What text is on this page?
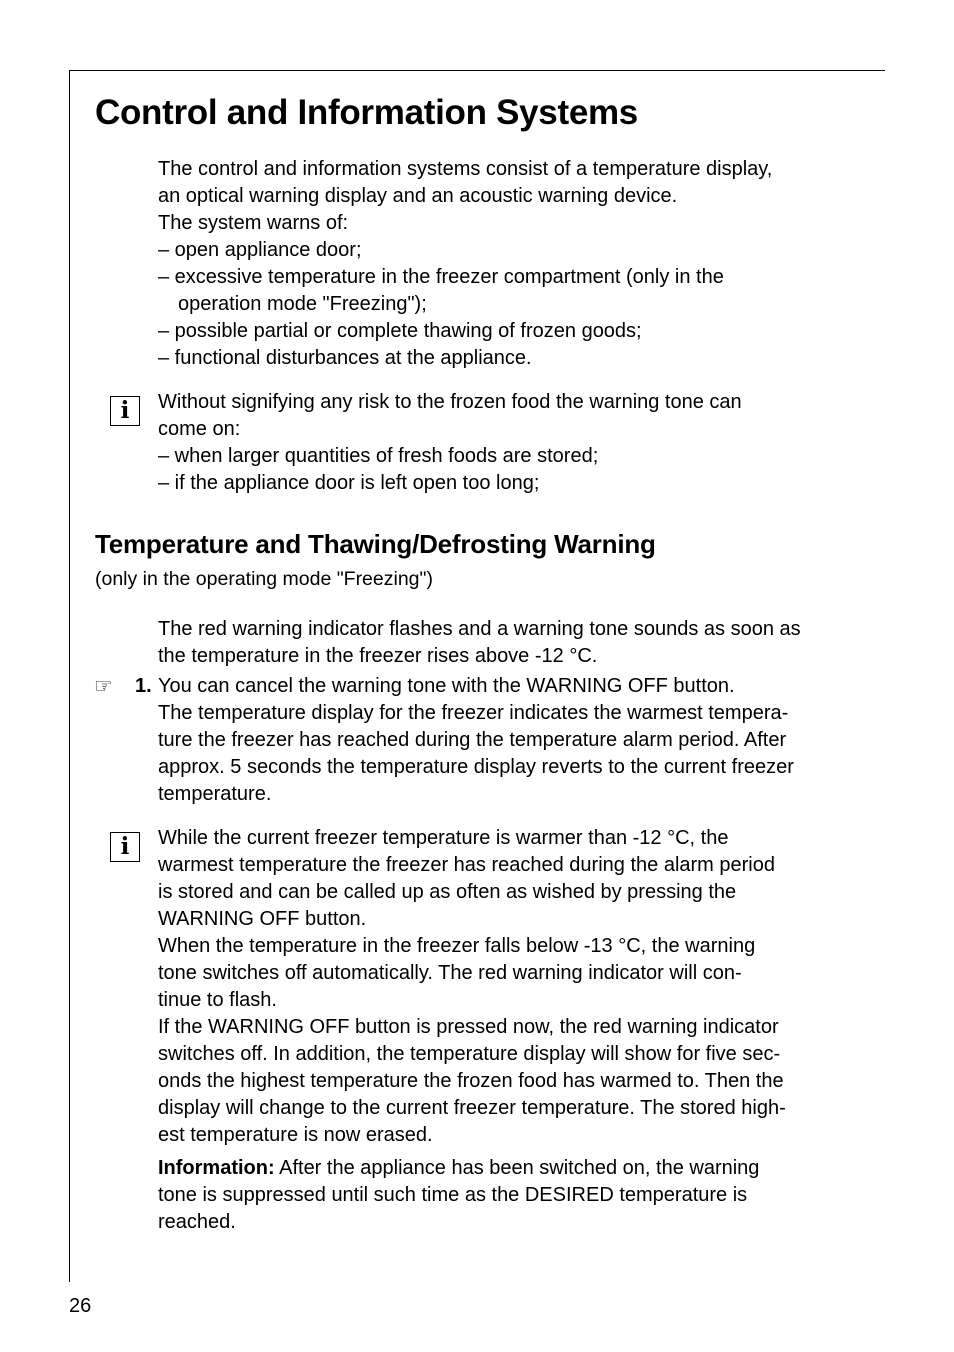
Control and Information Systems
The control and information systems consist of a temperature display,
an optical warning display and an acoustic warning device.
The system warns of:
– open appliance door;
– excessive temperature in the freezer compartment (only in the
operation mode "Freezing");
– possible partial or complete thawing of frozen goods;
– functional disturbances at the appliance.
i	Without signifying any risk to the frozen food the warning tone can
come on:
– when larger quantities of fresh foods are stored;
– if the appliance door is left open too long;
Temperature and Thawing/Defrosting Warning
(only in the operating mode "Freezing")
The red warning indicator flashes and a warning tone sounds as soon as
the temperature in the freezer rises above -12 °C.
☞ 1. You can cancel the warning tone with the WARNING OFF button.
The temperature display for the freezer indicates the warmest tempera-
ture the freezer has reached during the temperature alarm period. After
approx. 5 seconds the temperature display reverts to the current freezer
temperature.
i	While the current freezer temperature is warmer than -12 °C, the
warmest temperature the freezer has reached during the alarm period
is stored and can be called up as often as wished by pressing the
WARNING OFF button.
When the temperature in the freezer falls below -13 °C, the warning
tone switches off automatically. The red warning indicator will con-
tinue to flash.
If the WARNING OFF button is pressed now, the red warning indicator
switches off. In addition, the temperature display will show for five sec-
onds the highest temperature the frozen food has warmed to. Then the
display will change to the current freezer temperature. The stored high-
est temperature is now erased.
Information: After the appliance has been switched on, the warning
tone is suppressed until such time as the DESIRED temperature is
reached.
26
